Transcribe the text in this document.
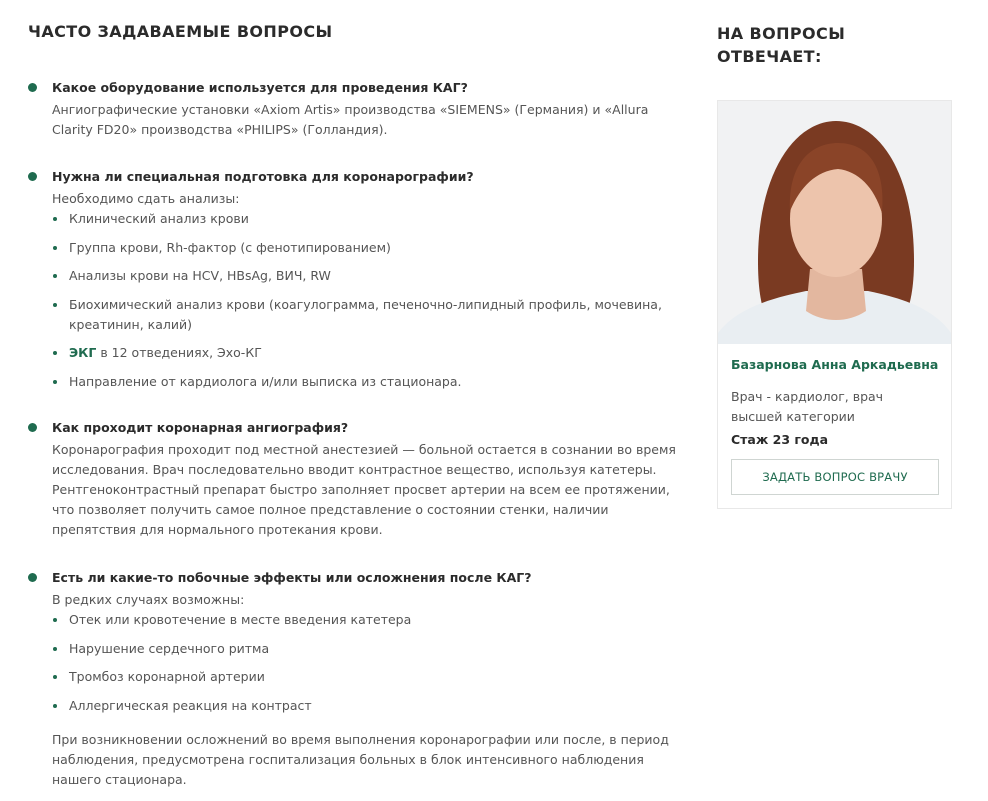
ЧАСТО ЗАДАВАЕМЫЕ ВОПРОСЫ
Какое оборудование используется для проведения КАГ?
Ангиографические установки «Axiom Artis» производства «SIEMENS» (Германия) и «Allura Clarity FD20» производства «PHILIPS» (Голландия).
Нужна ли специальная подготовка для коронарографии?
Необходимо сдать анализы:
Клинический анализ крови
Группа крови, Rh-фактор (с фенотипированием)
Анализы крови на HCV, HBsAg, ВИЧ, RW
Биохимический анализ крови (коагулограмма, печеночно-липидный профиль, мочевина, креатинин, калий)
ЭКГ в 12 отведениях, Эхо-КГ
Направление от кардиолога и/или выписка из стационара.
Как проходит коронарная ангиография?
Коронарография проходит под местной анестезией — больной остается в сознании во время исследования. Врач последовательно вводит контрастное вещество, используя катетеры. Рентгеноконтрастный препарат быстро заполняет просвет артерии на всем ее протяжении, что позволяет получить самое полное представление о состоянии стенки, наличии препятствия для нормального протекания крови.
Есть ли какие-то побочные эффекты или осложнения после КАГ?
В редких случаях возможны:
Отек или кровотечение в месте введения катетера
Нарушение сердечного ритма
Тромбоз коронарной артерии
Аллергическая реакция на контраст
При возникновении осложнений во время выполнения коронарографии или после, в период наблюдения, предусмотрена госпитализация больных в блок интенсивного наблюдения нашего стационара.
НА ВОПРОСЫ ОТВЕЧАЕТ:
Базарнова Анна Аркадьевна
Врач - кардиолог, врач высшей категории
Стаж 23 года
ЗАДАТЬ ВОПРОС ВРАЧУ
